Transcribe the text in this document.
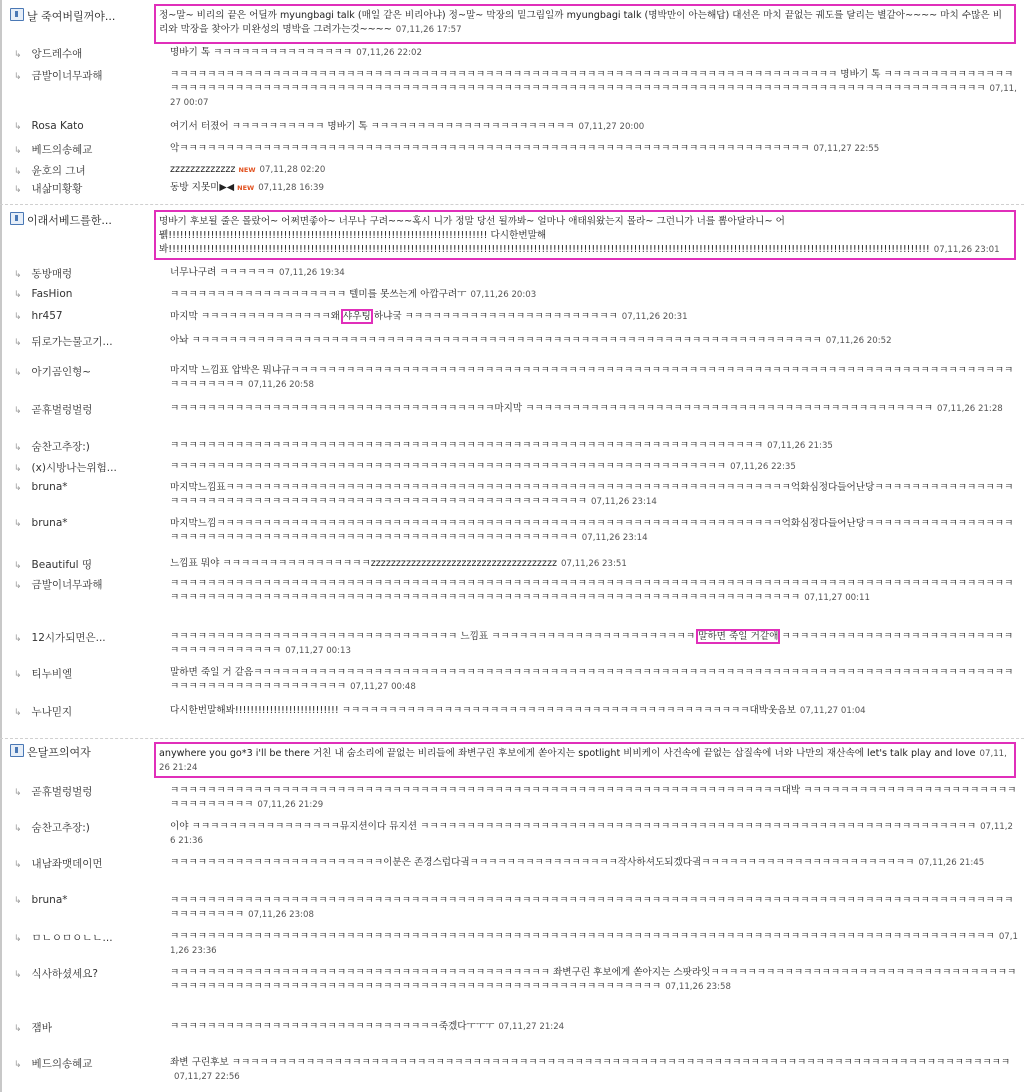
날 죽여버릴꺼야...	정~말~ 비리의 끝은 어딜까 myungbagi talk (매일 같은 비리아냐) 정~말~ 막장의 밑그림일까 myungbagi talk (명박만이 아는해답) 대선은 마치 끝없는 궤도를 달리는 별같아~~~~ 마치 수많은 비리와 막장을 찾아가 미완성의 명박을 그려가는것~~~~ 07,11,26 17:57
↳ 앙드레수애	명바기 톡 ㅋㅋㅋㅋㅋㅋㅋㅋㅋㅋㅋㅋㅋㅋㅋ 07,11,26 22:02
↳ 금발이너무과해	ㅋㅋㅋㅋㅋㅋㅋㅋㅋㅋㅋㅋㅋㅋㅋㅋㅋㅋㅋㅋㅋㅋㅋㅋㅋㅋㅋㅋㅋㅋㅋㅋㅋㅋㅋㅋㅋㅋㅋㅋㅋㅋㅋㅋㅋㅋㅋㅋㅋㅋㅋㅋㅋㅋㅋㅋㅋㅋㅋㅋㅋㅋㅋㅋㅋㅋㅋㅋㅋㅋㅋㅋ 명바기 톡 ㅋㅋㅋㅋㅋㅋㅋㅋㅋㅋㅋㅋㅋㅋㅋㅋㅋㅋㅋㅋㅋㅋㅋㅋㅋㅋㅋㅋㅋㅋㅋㅋㅋㅋㅋㅋㅋㅋㅋㅋㅋㅋㅋㅋㅋㅋㅋㅋㅋㅋㅋㅋㅋㅋㅋㅋㅋㅋㅋㅋㅋㅋㅋㅋㅋㅋㅋㅋㅋㅋㅋㅋㅋㅋㅋㅋㅋㅋㅋㅋㅋㅋㅋㅋㅋㅋㅋㅋㅋㅋㅋㅋㅋㅋㅋㅋㅋㅋㅋㅋㅋㅋ 07,11,27 00:07
↳ Rosa Kato	여기서 터졌어 ㅋㅋㅋㅋㅋㅋㅋㅋㅋㅋ 명바기 톡 ㅋㅋㅋㅋㅋㅋㅋㅋㅋㅋㅋㅋㅋㅋㅋㅋㅋㅋㅋㅋㅋㅋ 07,11,27 20:00
↳ 베드의송혜교	악ㅋㅋㅋㅋㅋㅋㅋㅋㅋㅋㅋㅋㅋㅋㅋㅋㅋㅋㅋㅋㅋㅋㅋㅋㅋㅋㅋㅋㅋㅋㅋㅋㅋㅋㅋㅋㅋㅋㅋㅋㅋㅋㅋㅋㅋㅋㅋㅋㅋㅋㅋㅋㅋㅋㅋㅋㅋㅋㅋㅋㅋㅋㅋㅋㅋㅋㅋㅋ 07,11,27 22:55
↳ 윤호의 그녀	zzzzzzzzzzzzz NEW 07,11,28 02:20
↳ 내삶미황황	동방 지못미▶◀ NEW 07,11,28 16:39
이래서베드를한...	명바기 후보될 줄은 몰랐어~ 어쩌면좋아~ 너무나 구려~~~혹시 니가 정말 당선 될까봐~ 얼마나 애태워왔는지 몰라~ 그런니가 너를 뽑아달라니~ 어뷁!!!!!!!!!!!!!!!!!!!!!!!!!!!!!!!!!!!!!!!!!!!!!!!!!!!!!!!!!!!!!!!!!!!!!!!!!!!!!!!!!!! 다시한번말해 봐!!!!!!!!!!!!!!!!!!!!!!!!!!!!!!!!!!!!!!!!!!!!!!!!!!!!!!!!!!!!!!!!!!!!!!!!!!!!!!!!!!!!!!!!!!!!!!!!!!!!!!!!!!!!!!!!!!!!!!!!!!!!!!!!!!!!!!!!!!!!!!!!!!!!!!!!!!!!!!!!!!!!!!!!!!!!!!!!!!!!!!!!!!!!!!!!!!!!!! 07,11,26 23:01
↳ 동방매렁	너무나구려 ㅋㅋㅋㅋㅋㅋ 07,11,26 19:34
↳ FasHion	ㅋㅋㅋㅋㅋㅋㅋㅋㅋㅋㅋㅋㅋㅋㅋㅋㅋㅋㅋ 텔미를 못쓰는게 아깝구려ㅜ 07,11,26 20:03
↳ hr457	마지막 ㅋㅋㅋㅋㅋㅋㅋㅋㅋㅋㅋㅋㅋㅋ왜 샤우팅 하냐궄 ㅋㅋㅋㅋㅋㅋㅋㅋㅋㅋㅋㅋㅋㅋㅋㅋㅋㅋㅋㅋㅋㅋㅋ 07,11,26 20:31
↳ 뒤로가는물고기...	아놔 ㅋㅋㅋㅋㅋㅋㅋㅋㅋㅋㅋㅋㅋㅋㅋㅋㅋㅋㅋㅋㅋㅋㅋㅋㅋㅋㅋㅋㅋㅋㅋㅋㅋㅋㅋㅋㅋㅋㅋㅋㅋㅋㅋㅋㅋㅋㅋㅋㅋㅋㅋㅋㅋㅋㅋㅋㅋㅋㅋㅋㅋㅋㅋㅋㅋㅋㅋㅋ 07,11,26 20:52
↳ 아기곰인형~	마지막 느낌표 압박은 뭐냐규ㅋㅋㅋㅋㅋㅋㅋㅋㅋㅋㅋㅋㅋㅋㅋㅋㅋㅋㅋㅋㅋㅋㅋㅋㅋㅋㅋㅋㅋㅋㅋㅋㅋㅋㅋㅋㅋㅋㅋㅋㅋㅋㅋㅋㅋㅋㅋㅋㅋㅋㅋㅋㅋㅋㅋㅋㅋㅋㅋㅋㅋㅋㅋㅋㅋㅋㅋㅋㅋㅋㅋㅋㅋㅋㅋㅋㅋㅋㅋㅋㅋㅋㅋㅋㅋㅋ 07,11,26 20:58
↳ 곧휴벌렁벌렁	ㅋㅋㅋㅋㅋㅋㅋㅋㅋㅋㅋㅋㅋㅋㅋㅋㅋㅋㅋㅋㅋㅋㅋㅋㅋㅋㅋㅋㅋㅋㅋㅋㅋㅋㅋ마지막 ㅋㅋㅋㅋㅋㅋㅋㅋㅋㅋㅋㅋㅋㅋㅋㅋㅋㅋㅋㅋㅋㅋㅋㅋㅋㅋㅋㅋㅋㅋㅋㅋㅋㅋㅋㅋㅋㅋㅋㅋㅋㅋㅋㅋ 07,11,26 21:28
↳ 숨찬고추장:)	ㅋㅋㅋㅋㅋㅋㅋㅋㅋㅋㅋㅋㅋㅋㅋㅋㅋㅋㅋㅋㅋㅋㅋㅋㅋㅋㅋㅋㅋㅋㅋㅋㅋㅋㅋㅋㅋㅋㅋㅋㅋㅋㅋㅋㅋㅋㅋㅋㅋㅋㅋㅋㅋㅋㅋㅋㅋㅋㅋㅋㅋㅋㅋㅋ 07,11,26 21:35
↳ (x)시방나는위험...	ㅋㅋㅋㅋㅋㅋㅋㅋㅋㅋㅋㅋㅋㅋㅋㅋㅋㅋㅋㅋㅋㅋㅋㅋㅋㅋㅋㅋㅋㅋㅋㅋㅋㅋㅋㅋㅋㅋㅋㅋㅋㅋㅋㅋㅋㅋㅋㅋㅋㅋㅋㅋㅋㅋㅋㅋㅋㅋㅋㅋ 07,11,26 22:35
↳ bruna*	마지막느낌표ㅋㅋㅋㅋㅋㅋㅋㅋㅋㅋㅋㅋㅋㅋㅋㅋㅋㅋㅋㅋㅋㅋㅋㅋㅋㅋㅋㅋㅋㅋㅋㅋㅋㅋㅋㅋㅋㅋㅋㅋㅋㅋㅋㅋㅋㅋㅋㅋㅋㅋㅋㅋㅋㅋㅋㅋㅋㅋㅋㅋㅋ억화심정다들어난당ㅋㅋㅋㅋㅋㅋㅋㅋㅋㅋㅋㅋㅋㅋㅋㅋㅋㅋㅋㅋㅋㅋㅋㅋㅋㅋㅋㅋㅋㅋㅋㅋㅋㅋㅋㅋㅋㅋㅋㅋㅋㅋㅋㅋㅋㅋㅋㅋㅋㅋㅋㅋㅋㅋㅋㅋㅋㅋㅋㅋ 07,11,26 23:14
↳ bruna*	마지막느낌ㅋㅋㅋㅋㅋㅋㅋㅋㅋㅋㅋㅋㅋㅋㅋㅋㅋㅋㅋㅋㅋㅋㅋㅋㅋㅋㅋㅋㅋㅋㅋㅋㅋㅋㅋㅋㅋㅋㅋㅋㅋㅋㅋㅋㅋㅋㅋㅋㅋㅋㅋㅋㅋㅋㅋㅋㅋㅋㅋㅋㅋ억화심정다들어난당ㅋㅋㅋㅋㅋㅋㅋㅋㅋㅋㅋㅋㅋㅋㅋㅋㅋㅋㅋㅋㅋㅋㅋㅋㅋㅋㅋㅋㅋㅋㅋㅋㅋㅋㅋㅋㅋㅋㅋㅋㅋㅋㅋㅋㅋㅋㅋㅋㅋㅋㅋㅋㅋㅋㅋㅋㅋㅋㅋㅋ 07,11,26 23:14
↳ Beautiful 띵	느낌표 뭐야 ㅋㅋㅋㅋㅋㅋㅋㅋㅋㅋㅋㅋㅋㅋㅋㅋzzzzzzzzzzzzzzzzzzzzzzzzzzzzzzzzzzzzz 07,11,26 23:51
↳ 금발이너무과해	ㅋㅋㅋㅋㅋㅋㅋㅋㅋㅋㅋㅋㅋㅋㅋㅋㅋㅋㅋㅋㅋㅋㅋㅋㅋㅋㅋㅋㅋㅋㅋㅋㅋㅋㅋㅋㅋㅋㅋㅋㅋㅋㅋㅋㅋㅋㅋㅋㅋㅋㅋㅋㅋㅋㅋㅋㅋㅋㅋㅋㅋㅋㅋㅋㅋㅋㅋㅋㅋㅋㅋㅋㅋㅋㅋㅋㅋㅋㅋㅋㅋㅋㅋㅋㅋㅋㅋㅋㅋㅋㅋㅋㅋㅋㅋㅋㅋㅋㅋㅋㅋㅋㅋㅋㅋㅋㅋㅋㅋㅋㅋㅋㅋㅋㅋㅋㅋㅋㅋㅋㅋㅋㅋㅋㅋㅋㅋㅋㅋㅋㅋㅋㅋㅋㅋㅋㅋㅋㅋㅋㅋㅋㅋㅋㅋㅋㅋㅋㅋㅋㅋㅋㅋㅋㅋㅋㅋㅋㅋ 07,11,27 00:11
↳ 12시가되면은...	ㅋㅋㅋㅋㅋㅋㅋㅋㅋㅋㅋㅋㅋㅋㅋㅋㅋㅋㅋㅋㅋㅋㅋㅋㅋㅋㅋㅋㅋㅋㅋ 느낌표 ㅋㅋㅋㅋㅋㅋㅋㅋㅋㅋㅋㅋㅋㅋㅋㅋㅋㅋㅋㅋㅋㅋ 말하면 죽일 거같애 ㅋㅋㅋㅋㅋㅋㅋㅋㅋㅋㅋㅋㅋㅋㅋㅋㅋㅋㅋㅋㅋㅋㅋㅋㅋㅋㅋㅋㅋㅋㅋㅋㅋㅋㅋㅋㅋ 07,11,27 00:13
↳ 티누비엘	말하면 죽일 거 같음ㅋㅋㅋㅋㅋㅋㅋㅋㅋㅋㅋㅋㅋㅋㅋㅋㅋㅋㅋㅋㅋㅋㅋㅋㅋㅋㅋㅋㅋㅋㅋㅋㅋㅋㅋㅋㅋㅋㅋㅋㅋㅋㅋㅋㅋㅋㅋㅋㅋㅋㅋㅋㅋㅋㅋㅋㅋㅋㅋㅋㅋㅋㅋㅋㅋㅋㅋㅋㅋㅋㅋㅋㅋㅋㅋㅋㅋㅋㅋㅋㅋㅋㅋㅋㅋㅋㅋㅋㅋㅋㅋㅋㅋㅋㅋㅋㅋㅋㅋㅋㅋ 07,11,27 00:48
↳ 누나믿지	다시한번말해봐!!!!!!!!!!!!!!!!!!!!!!!!!!! ㅋㅋㅋㅋㅋㅋㅋㅋㅋㅋㅋㅋㅋㅋㅋㅋㅋㅋㅋㅋㅋㅋㅋㅋㅋㅋㅋㅋㅋㅋㅋㅋㅋㅋㅋㅋㅋㅋㅋㅋㅋㅋㅋㅋ대박웃음보 07,11,27 01:04
은달프의여자	anywhere you go*3 i'll be there 거친 내 숨소리에 끝없는 비리들에 좌변구린 후보에게 쏟아지는 spotlight 비비케이 사건속에 끝없는 삽질속에 너와 나만의 재산속에 let's talk play and love 07,11,26 21:24
↳ 곧휴벌렁벌렁	ㅋㅋㅋㅋㅋㅋㅋㅋㅋㅋㅋㅋㅋㅋㅋㅋㅋㅋㅋㅋㅋㅋㅋㅋㅋㅋㅋㅋㅋㅋㅋㅋㅋㅋㅋㅋㅋㅋㅋㅋㅋㅋㅋㅋㅋㅋㅋㅋㅋㅋㅋㅋㅋㅋㅋㅋㅋㅋㅋㅋㅋㅋㅋㅋㅋㅋ대박 ㅋㅋㅋㅋㅋㅋㅋㅋㅋㅋㅋㅋㅋㅋㅋㅋㅋㅋㅋㅋㅋㅋㅋㅋㅋㅋㅋㅋㅋㅋㅋㅋ 07,11,26 21:29
↳ 숨찬고추장:)	이야 ㅋㅋㅋㅋㅋㅋㅋㅋㅋㅋㅋㅋㅋㅋㅋㅋ뮤지션이다 뮤지션 ㅋㅋㅋㅋㅋㅋㅋㅋㅋㅋㅋㅋㅋㅋㅋㅋㅋㅋㅋㅋㅋㅋㅋㅋㅋㅋㅋㅋㅋㅋㅋㅋㅋㅋㅋㅋㅋㅋㅋㅋㅋㅋㅋㅋㅋㅋㅋㅋㅋㅋㅋㅋㅋㅋㅋㅋㅋㅋㅋㅋ 07,11,26 21:36
↳ 내남좌맷데이먼	ㅋㅋㅋㅋㅋㅋㅋㅋㅋㅋㅋㅋㅋㅋㅋㅋㅋㅋㅋㅋㅋㅋㅋ이분은 존경스럽다긬ㅋㅋㅋㅋㅋㅋㅋㅋㅋㅋㅋㅋㅋㅋㅋㅋ작사하셔도되겠다긬ㅋㅋㅋㅋㅋㅋㅋㅋㅋㅋㅋㅋㅋㅋㅋㅋㅋㅋㅋㅋㅋㅋㅋ 07,11,26 21:45
↳ bruna*	ㅋㅋㅋㅋㅋㅋㅋㅋㅋㅋㅋㅋㅋㅋㅋㅋㅋㅋㅋㅋㅋㅋㅋㅋㅋㅋㅋㅋㅋㅋㅋㅋㅋㅋㅋㅋㅋㅋㅋㅋㅋㅋㅋㅋㅋㅋㅋㅋㅋㅋㅋㅋㅋㅋㅋㅋㅋㅋㅋㅋㅋㅋㅋㅋㅋㅋㅋㅋㅋㅋㅋㅋㅋㅋㅋㅋㅋㅋㅋㅋㅋㅋㅋㅋㅋㅋㅋㅋㅋㅋㅋㅋㅋㅋㅋㅋㅋㅋㅋ 07,11,26 23:08
↳ ㅁㄴㅇㅁㅇㄴㄴ...	ㅋㅋㅋㅋㅋㅋㅋㅋㅋㅋㅋㅋㅋㅋㅋㅋㅋㅋㅋㅋㅋㅋㅋㅋㅋㅋㅋㅋㅋㅋㅋㅋㅋㅋㅋㅋㅋㅋㅋㅋㅋㅋㅋㅋㅋㅋㅋㅋㅋㅋㅋㅋㅋㅋㅋㅋㅋㅋㅋㅋㅋㅋㅋㅋㅋㅋㅋㅋㅋㅋㅋㅋㅋㅋㅋㅋㅋㅋㅋㅋㅋㅋㅋㅋㅋㅋㅋㅋㅋ 07,11,26 23:36
↳ 식사하셨세요?	ㅋㅋㅋㅋㅋㅋㅋㅋㅋㅋㅋㅋㅋㅋㅋㅋㅋㅋㅋㅋㅋㅋㅋㅋㅋㅋㅋㅋㅋㅋㅋㅋㅋㅋㅋㅋㅋㅋㅋㅋㅋ 좌변구린 후보에게 쏟아지는 스팟라잇ㅋㅋㅋㅋㅋㅋㅋㅋㅋㅋㅋㅋㅋㅋㅋㅋㅋㅋㅋㅋㅋㅋㅋㅋㅋㅋㅋㅋㅋㅋㅋㅋㅋㅋㅋㅋㅋㅋㅋㅋㅋㅋㅋㅋㅋㅋㅋㅋㅋㅋㅋㅋㅋㅋㅋㅋㅋㅋㅋㅋㅋㅋㅋㅋㅋㅋㅋㅋㅋㅋㅋㅋㅋㅋㅋㅋㅋㅋㅋㅋㅋㅋㅋㅋㅋㅋ 07,11,26 23:58
↳ 잼바	ㅋㅋㅋㅋㅋㅋㅋㅋㅋㅋㅋㅋㅋㅋㅋㅋㅋㅋㅋㅋㅋㅋㅋㅋㅋㅋㅋㅋㅋ죽겠다ㅜㅜㅜ 07,11,27 21:24
↳ 베드의송혜교	좌변 구린후보 ㅋㅋㅋㅋㅋㅋㅋㅋㅋㅋㅋㅋㅋㅋㅋㅋㅋㅋㅋㅋㅋㅋㅋㅋㅋㅋㅋㅋㅋㅋㅋㅋㅋㅋㅋㅋㅋㅋㅋㅋㅋㅋㅋㅋㅋㅋㅋㅋㅋㅋㅋㅋㅋㅋㅋㅋㅋㅋㅋㅋㅋㅋㅋㅋㅋㅋㅋㅋㅋㅋㅋㅋㅋㅋㅋㅋㅋㅋㅋㅋㅋㅋㅋㅋ07,11,27 22:56
